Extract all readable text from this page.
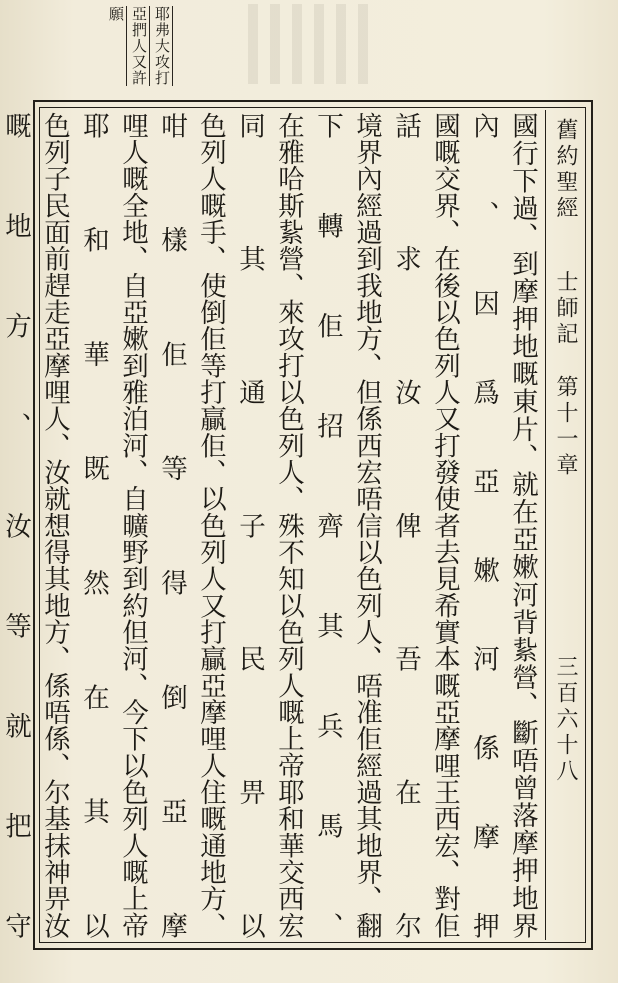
耶弗大攻打
亞捫人又許
願
舊約聖經
士師記
第十一章
三百六十八
國行下過、到摩押地嘅東片、就在亞嫰河背紥營、斷唔曾落摩押地界內、因爲亞嫰河係摩押
國嘅交界、在後以色列人又打發使者去見希實本嘅亞摩哩王西宏、對佢話求汝俾吾在尔
境界內經過到我地方、但係西宏唔信以色列人、唔准佢經過其地界、翻下轉佢招齊其兵馬、
在雅哈斯紥營、來攻打以色列人、殊不知以色列人嘅上帝耶和華交西宏同其通子民畀以
色列人嘅手、使倒佢等打贏佢、以色列人又打贏亞摩哩人住嘅通地方、咁樣佢等得倒亞摩
哩人嘅全地、自亞嫰到雅泊河、自曠野到約但河、今下以色列人嘅上帝耶和華既然在其以
色列子民面前趕走亞摩哩人、汝就想得其地方、係唔係、尔基抹神畀汝嘅地方、汝等就把守
